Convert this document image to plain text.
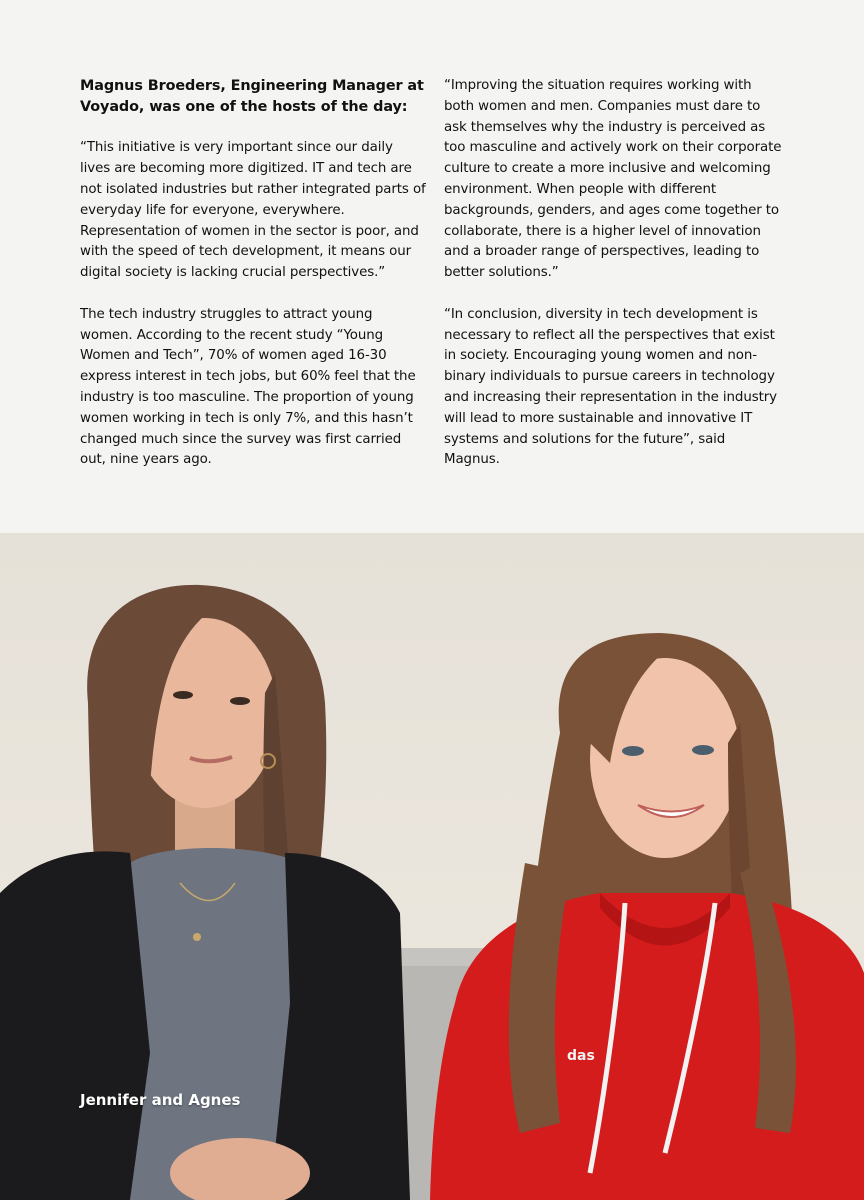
Magnus Broeders, Engineering Manager at Voyado, was one of the hosts of the day:

“This initiative is very important since our daily lives are becoming more digitized. IT and tech are not isolated industries but rather integrated parts of everyday life for everyone, everywhere. Representation of women in the sector is poor, and with the speed of tech development, it means our digital society is lacking crucial perspectives.”

The tech industry struggles to attract young women. According to the recent study “Young Women and Tech”, 70% of women aged 16-30 express interest in tech jobs, but 60% feel that the industry is too masculine. The proportion of young women working in tech is only 7%, and this hasn’t changed much since the survey was first carried out, nine years ago.

“Improving the situation requires working with both women and men. Companies must dare to ask themselves why the industry is perceived as too masculine and actively work on their corporate culture to create a more inclusive and welcoming environment. When people with different backgrounds, genders, and ages come together to collaborate, there is a higher level of innovation and a broader range of perspectives, leading to better solutions.”

“In conclusion, diversity in tech development is necessary to reflect all the perspectives that exist in society. Encouraging young women and non-binary individuals to pursue careers in technology and increasing their representation in the industry will lead to more sustainable and innovative IT systems and solutions for the future”, said Magnus.

das
Jennifer and Agnes
